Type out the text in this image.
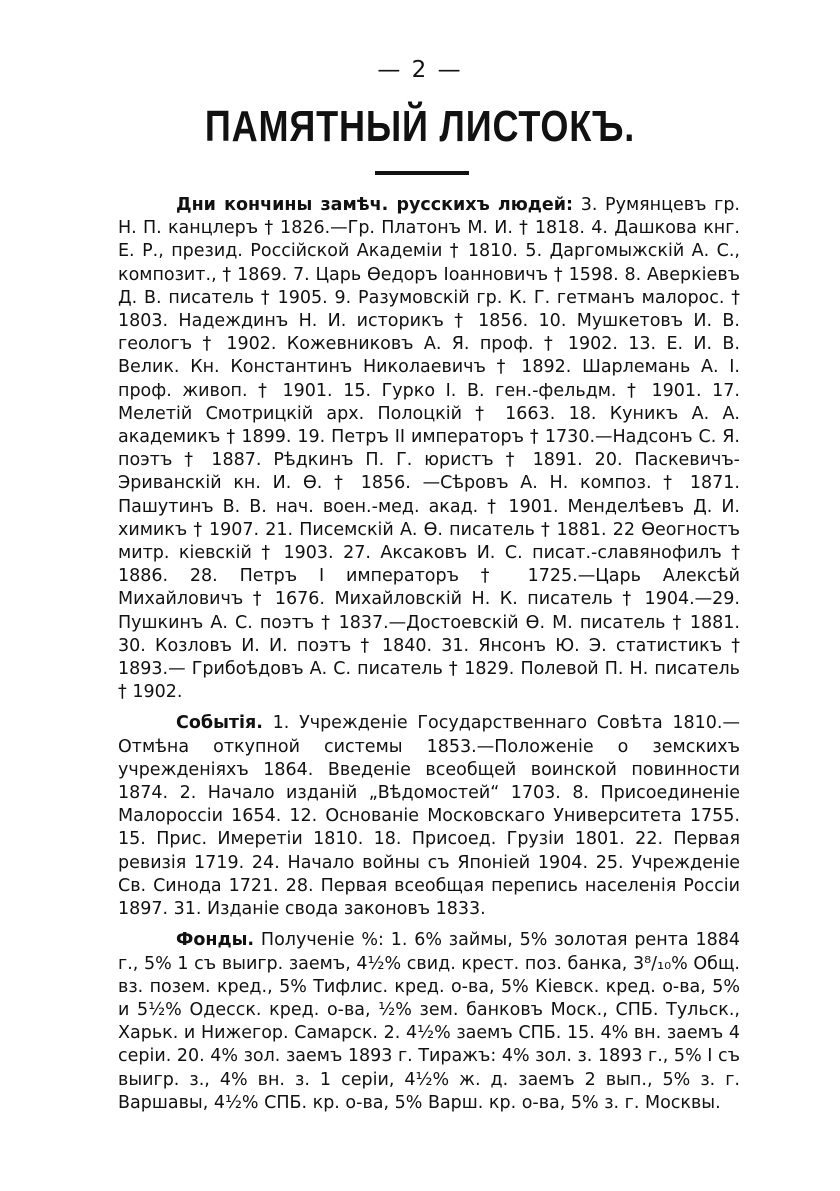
— 2 —
ПАМЯТНЫЙ ЛИСТОКЪ.

Дни кончины замѣч. русскихъ людей: 3. Румянцевъ гр. Н. П. канцлеръ † 1826.—Гр. Платонъ М. И. † 1818. 4. Дашкова кнг. Е. Р., презид. Россійской Академіи † 1810. 5. Даргомыжскій А. С., композит., † 1869. 7. Царь Өедоръ Іоанновичъ † 1598. 8. Аверкіевъ Д. В. писатель † 1905. 9. Разумовскій гр. К. Г. гетманъ малорос. † 1803. Надеждинъ Н. И. историкъ † 1856. 10. Мушкетовъ И. В. геологъ † 1902. Кожевниковъ А. Я. проф. † 1902. 13. Е. И. В. Велик. Кн. Константинъ Николаевичъ † 1892. Шарлемань А. І. проф. живоп. † 1901. 15. Гурко І. В. ген.-фельдм. † 1901. 17. Мелетій Смотрицкій арх. Полоцкій † 1663. 18. Куникъ А. А. академикъ † 1899. 19. Петръ II императоръ † 1730.—Надсонъ С. Я. поэтъ † 1887. Рѣдкинъ П. Г. юристъ † 1891. 20. Паскевичъ-Эриванскій кн. И. Ө. † 1856. —Сѣровъ А. Н. композ. † 1871. Пашутинъ В. В. нач. воен.-мед. акад. † 1901. Менделѣевъ Д. И. химикъ † 1907. 21. Писемскій А. Ө. писатель † 1881. 22 Өеогностъ митр. кіевскій † 1903. 27. Аксаковъ И. С. писат.-славянофилъ † 1886. 28. Петръ І императоръ † 1725.—Царь Алексѣй Михайловичъ † 1676. Михайловскій Н. К. писатель † 1904.—29. Пушкинъ А. С. поэтъ † 1837.—Достоевскій Ө. М. писатель † 1881. 30. Козловъ И. И. поэтъ † 1840. 31. Янсонъ Ю. Э. статистикъ † 1893.— Грибоѣдовъ А. С. писатель † 1829. Полевой П. Н. писатель † 1902.

Событія. 1. Учрежденіе Государственнаго Совѣта 1810.— Отмѣна откупной системы 1853.—Положеніе о земскихъ учрежденіяхъ 1864. Введеніе всеобщей воинской повинности 1874. 2. Начало изданій „Вѣдомостей“ 1703. 8. Присоединеніе Малороссіи 1654. 12. Основаніе Московскаго Университета 1755. 15. Прис. Имеретіи 1810. 18. Присоед. Грузіи 1801. 22. Первая ревизія 1719. 24. Начало войны съ Японіей 1904. 25. Учрежденіе Св. Синода 1721. 28. Первая всеобщая перепись населенія Россіи 1897. 31. Изданіе свода законовъ 1833.

Фонды. Полученіе %: 1. 6% займы, 5% золотая рента 1884 г., 5% 1 съ выигр. заемъ, 4½% свид. крест. поз. банка, 3⁸/₁₀% Общ. вз. позем. кред., 5% Тифлис. кред. о-ва, 5% Кіевск. кред. о-ва, 5% и 5½% Одесск. кред. о-ва, ½% зем. банковъ Моск., СПБ. Тульск., Харьк. и Нижегор. Самарск. 2. 4½% заемъ СПБ. 15. 4% вн. заемъ 4 серіи. 20. 4% зол. заемъ 1893 г. Тиражъ: 4% зол. з. 1893 г., 5% I съ выигр. з., 4% вн. з. 1 серіи, 4½% ж. д. заемъ 2 вып., 5% з. г. Варшавы, 4½% СПБ. кр. о-ва, 5% Варш. кр. о-ва, 5% з. г. Москвы.
